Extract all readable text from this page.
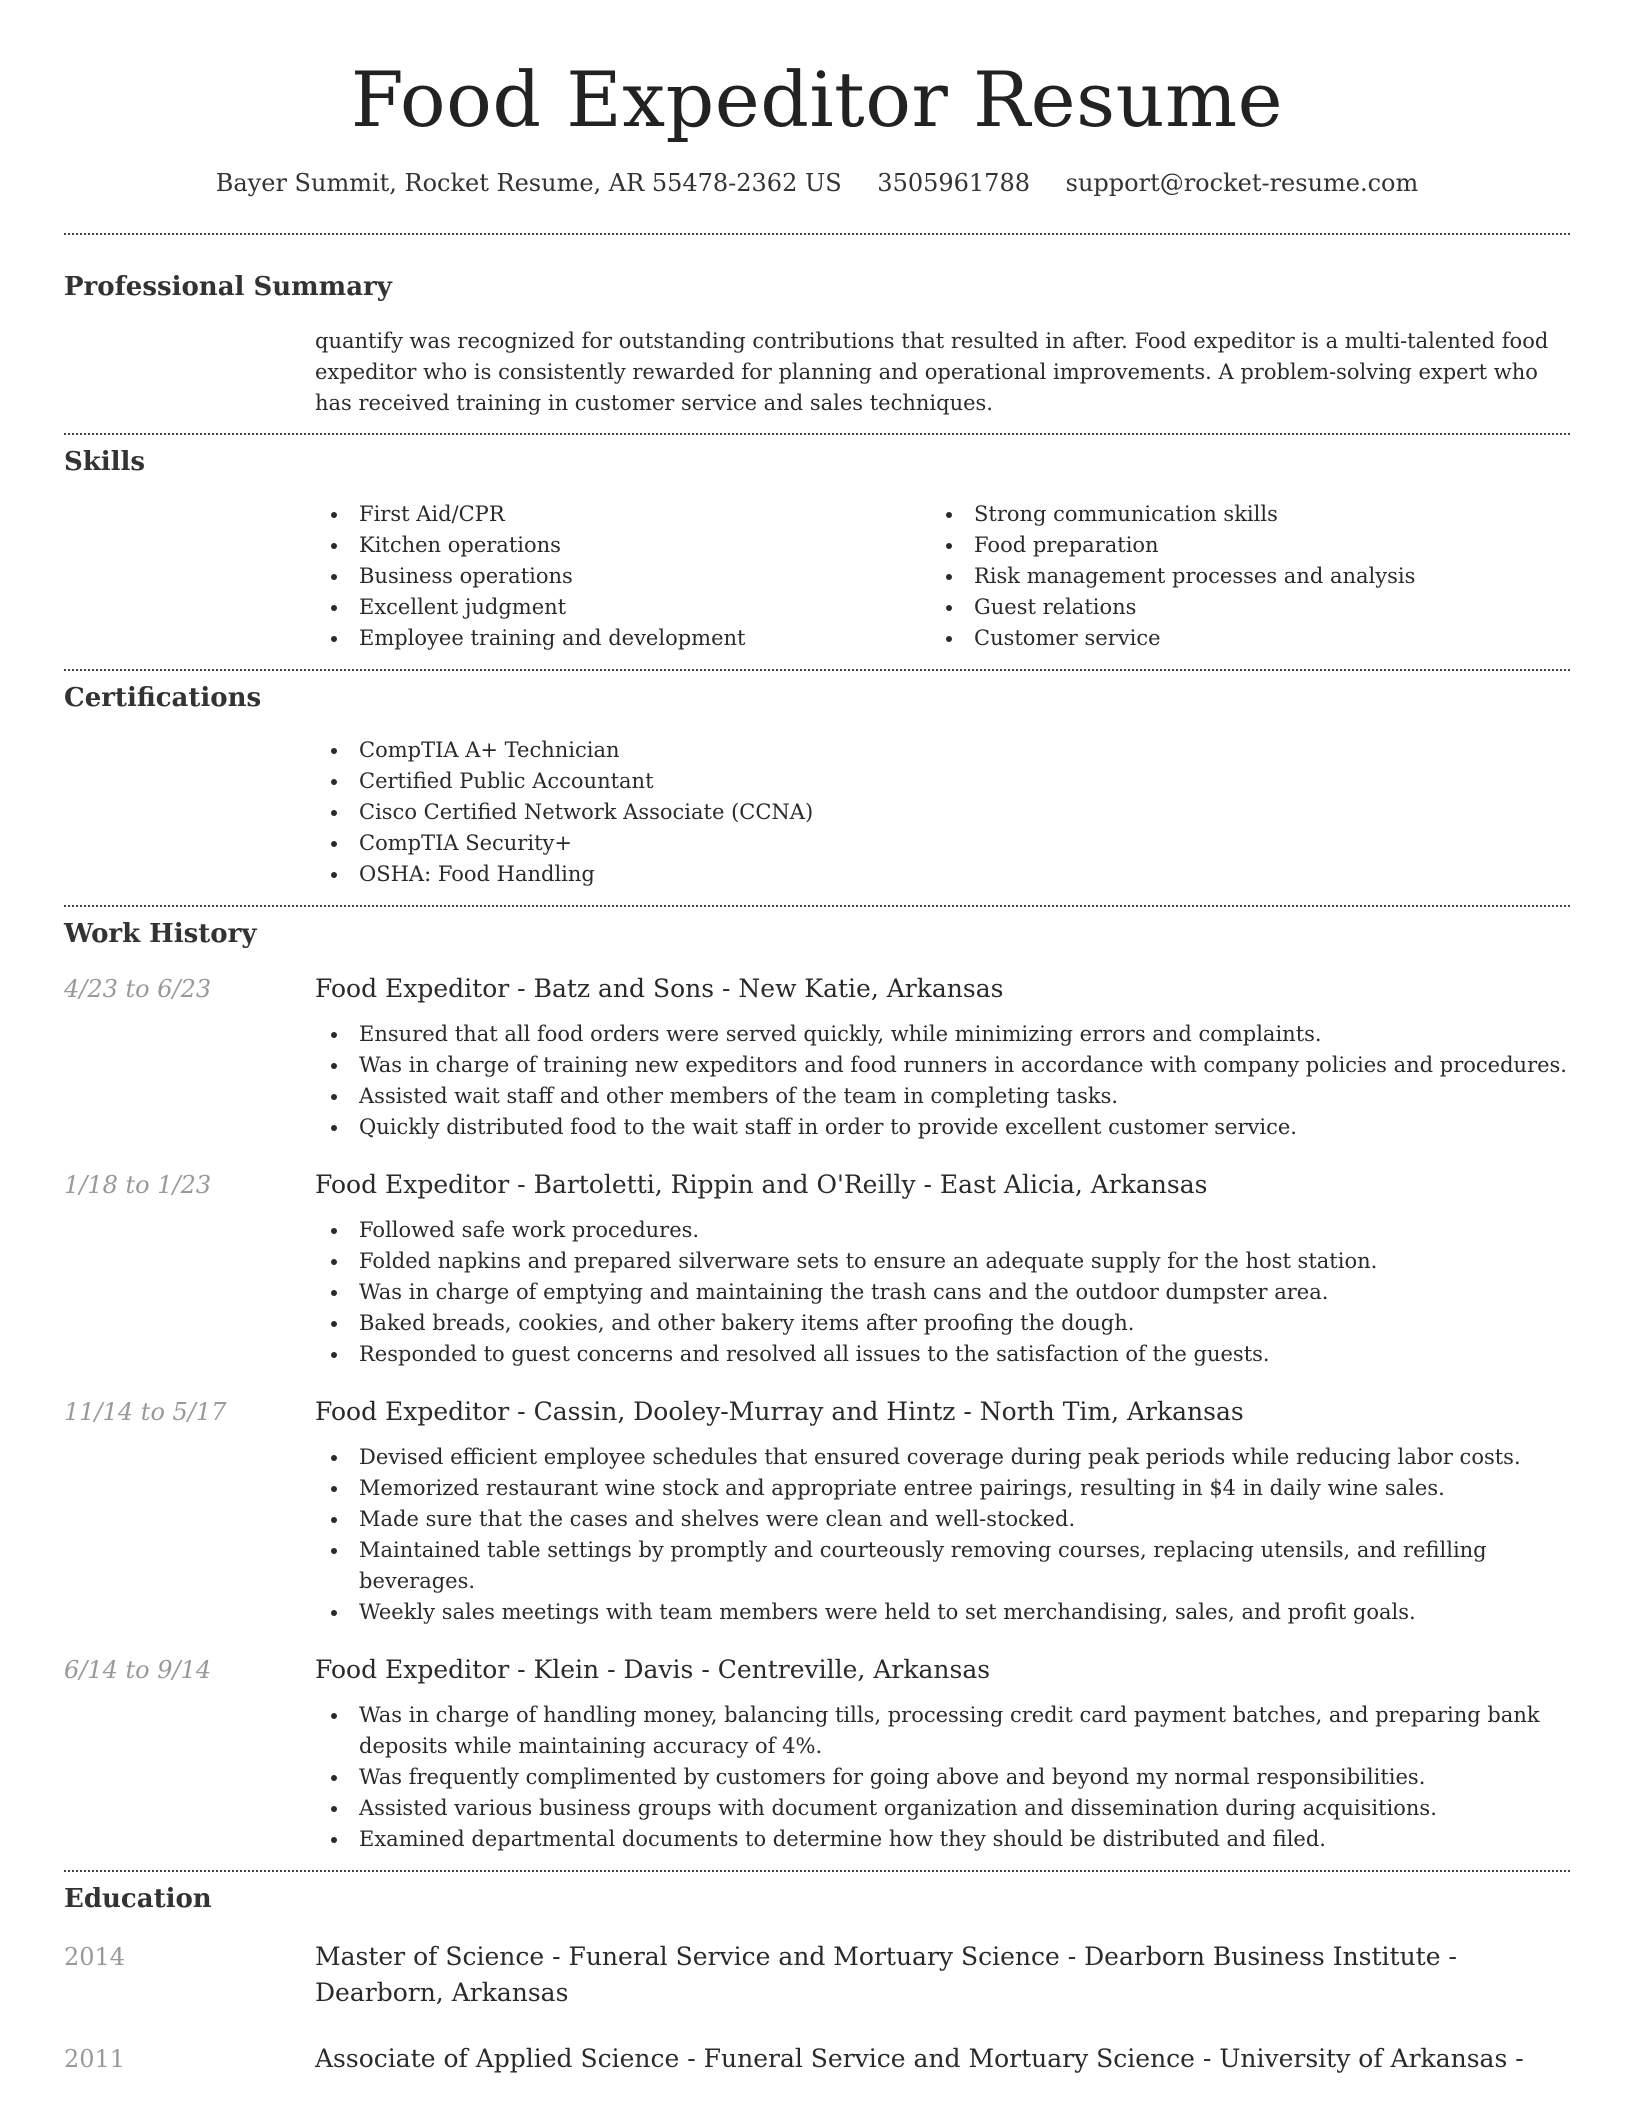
Food Expeditor Resume
Bayer Summit, Rocket Resume, AR 55478-2362 US 3505961788 support@rocket-resume.com
Professional Summary

quantify was recognized for outstanding contributions that resulted in after. Food expeditor is a multi-talented food expeditor who is consistently rewarded for planning and operational improvements. A problem-solving expert who has received training in customer service and sales techniques.

Skills
First Aid/CPR
Kitchen operations
Business operations
Excellent judgment
Employee training and development
Strong communication skills
Food preparation
Risk management processes and analysis
Guest relations
Customer service
Certifications
CompTIA A+ Technician
Certified Public Accountant
Cisco Certified Network Associate (CCNA)
CompTIA Security+
OSHA: Food Handling
Work History
4/23 to 6/23	Food Expeditor - Batz and Sons - New Katie, Arkansas
Ensured that all food orders were served quickly, while minimizing errors and complaints.
Was in charge of training new expeditors and food runners in accordance with company policies and procedures.
Assisted wait staff and other members of the team in completing tasks.
Quickly distributed food to the wait staff in order to provide excellent customer service.
1/18 to 1/23	Food Expeditor - Bartoletti, Rippin and O'Reilly - East Alicia, Arkansas
Followed safe work procedures.
Folded napkins and prepared silverware sets to ensure an adequate supply for the host station.
Was in charge of emptying and maintaining the trash cans and the outdoor dumpster area.
Baked breads, cookies, and other bakery items after proofing the dough.
Responded to guest concerns and resolved all issues to the satisfaction of the guests.
11/14 to 5/17	Food Expeditor - Cassin, Dooley-Murray and Hintz - North Tim, Arkansas
Devised efficient employee schedules that ensured coverage during peak periods while reducing labor costs.
Memorized restaurant wine stock and appropriate entree pairings, resulting in $4 in daily wine sales.
Made sure that the cases and shelves were clean and well-stocked.
Maintained table settings by promptly and courteously removing courses, replacing utensils, and refilling beverages.
Weekly sales meetings with team members were held to set merchandising, sales, and profit goals.
6/14 to 9/14	Food Expeditor - Klein - Davis - Centreville, Arkansas
Was in charge of handling money, balancing tills, processing credit card payment batches, and preparing bank deposits while maintaining accuracy of 4%.
Was frequently complimented by customers for going above and beyond my normal responsibilities.
Assisted various business groups with document organization and dissemination during acquisitions.
Examined departmental documents to determine how they should be distributed and filed.
Education
2014	Master of Science - Funeral Service and Mortuary Science - Dearborn Business Institute - Dearborn, Arkansas
2011	Associate of Applied Science - Funeral Service and Mortuary Science - University of Arkansas -
